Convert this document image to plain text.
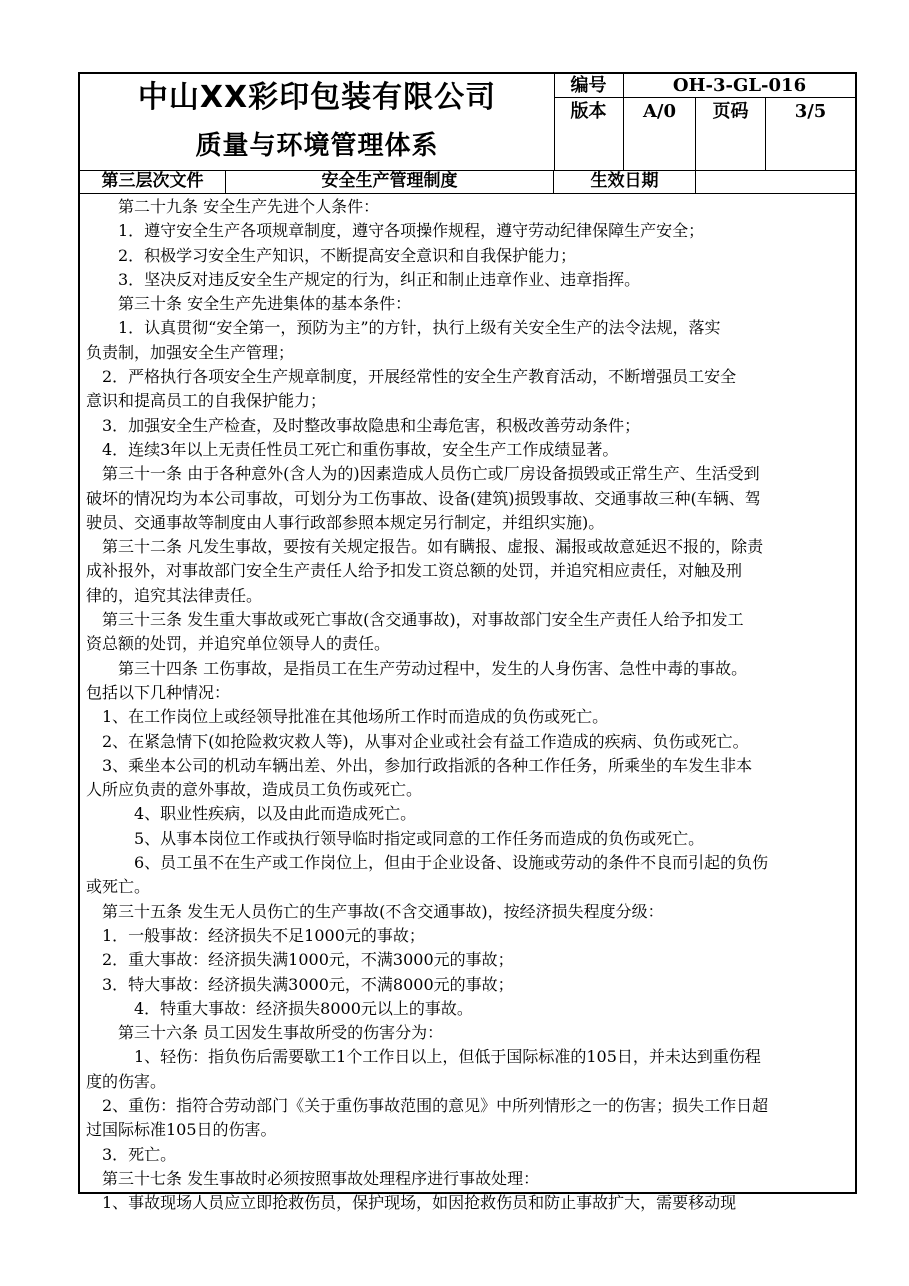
中山XX彩印包装有限公司
质量与环境管理体系
编号	OH-3-GL-016
版本	A/0	页码	3/5
第三层次文件	安全生产管理制度	生效日期
　　第二十九条 安全生产先进个人条件：
　　1．遵守安全生产各项规章制度，遵守各项操作规程，遵守劳动纪律保障生产安全；
　　2．积极学习安全生产知识，不断提高安全意识和自我保护能力；
　　3．坚决反对违反安全生产规定的行为，纠正和制止违章作业、违章指挥。
　　第三十条 安全生产先进集体的基本条件：
　　1．认真贯彻“安全第一，预防为主”的方针，执行上级有关安全生产的法令法规，落实
负责制，加强安全生产管理；
　2．严格执行各项安全生产规章制度，开展经常性的安全生产教育活动，不断增强员工安全
意识和提高员工的自我保护能力；
　3．加强安全生产检查，及时整改事故隐患和尘毒危害，积极改善劳动条件；
　4．连续3年以上无责任性员工死亡和重伤事故，安全生产工作成绩显著。
　第三十一条 由于各种意外(含人为的)因素造成人员伤亡或厂房设备损毁或正常生产、生活受到
破坏的情况均为本公司事故，可划分为工伤事故、设备(建筑)损毁事故、交通事故三种(车辆、驾
驶员、交通事故等制度由人事行政部参照本规定另行制定，并组织实施)。
　第三十二条 凡发生事故，要按有关规定报告。如有瞒报、虚报、漏报或故意延迟不报的，除责
成补报外，对事故部门安全生产责任人给予扣发工资总额的处罚，并追究相应责任，对触及刑
律的，追究其法律责任。
　第三十三条 发生重大事故或死亡事故(含交通事故)，对事故部门安全生产责任人给予扣发工
资总额的处罚，并追究单位领导人的责任。
　　第三十四条 工伤事故，是指员工在生产劳动过程中，发生的人身伤害、急性中毒的事故。
包括以下几种情况：
　1、在工作岗位上或经领导批准在其他场所工作时而造成的负伤或死亡。
　2、在紧急情下(如抢险救灾救人等)，从事对企业或社会有益工作造成的疾病、负伤或死亡。
　3、乘坐本公司的机动车辆出差、外出，参加行政指派的各种工作任务，所乘坐的车发生非本
人所应负责的意外事故，造成员工负伤或死亡。
　　　4、职业性疾病，以及由此而造成死亡。
　　　5、从事本岗位工作或执行领导临时指定或同意的工作任务而造成的负伤或死亡。
　　　6、员工虽不在生产或工作岗位上，但由于企业设备、设施或劳动的条件不良而引起的负伤
或死亡。
　第三十五条 发生无人员伤亡的生产事故(不含交通事故)，按经济损失程度分级：
　1．一般事故：经济损失不足1000元的事故；
　2．重大事故：经济损失满1000元，不满3000元的事故；
　3．特大事故：经济损失满3000元，不满8000元的事故；
　　　4．特重大事故：经济损失8000元以上的事故。
　　第三十六条 员工因发生事故所受的伤害分为：
　　　1、轻伤：指负伤后需要歇工1个工作日以上，但低于国际标准的105日，并未达到重伤程
度的伤害。
　2、重伤：指符合劳动部门《关于重伤事故范围的意见》中所列情形之一的伤害；损失工作日超
过国际标准105日的伤害。
　3．死亡。
　第三十七条 发生事故时必须按照事故处理程序进行事故处理：
　1、事故现场人员应立即抢救伤员，保护现场，如因抢救伤员和防止事故扩大，需要移动现
